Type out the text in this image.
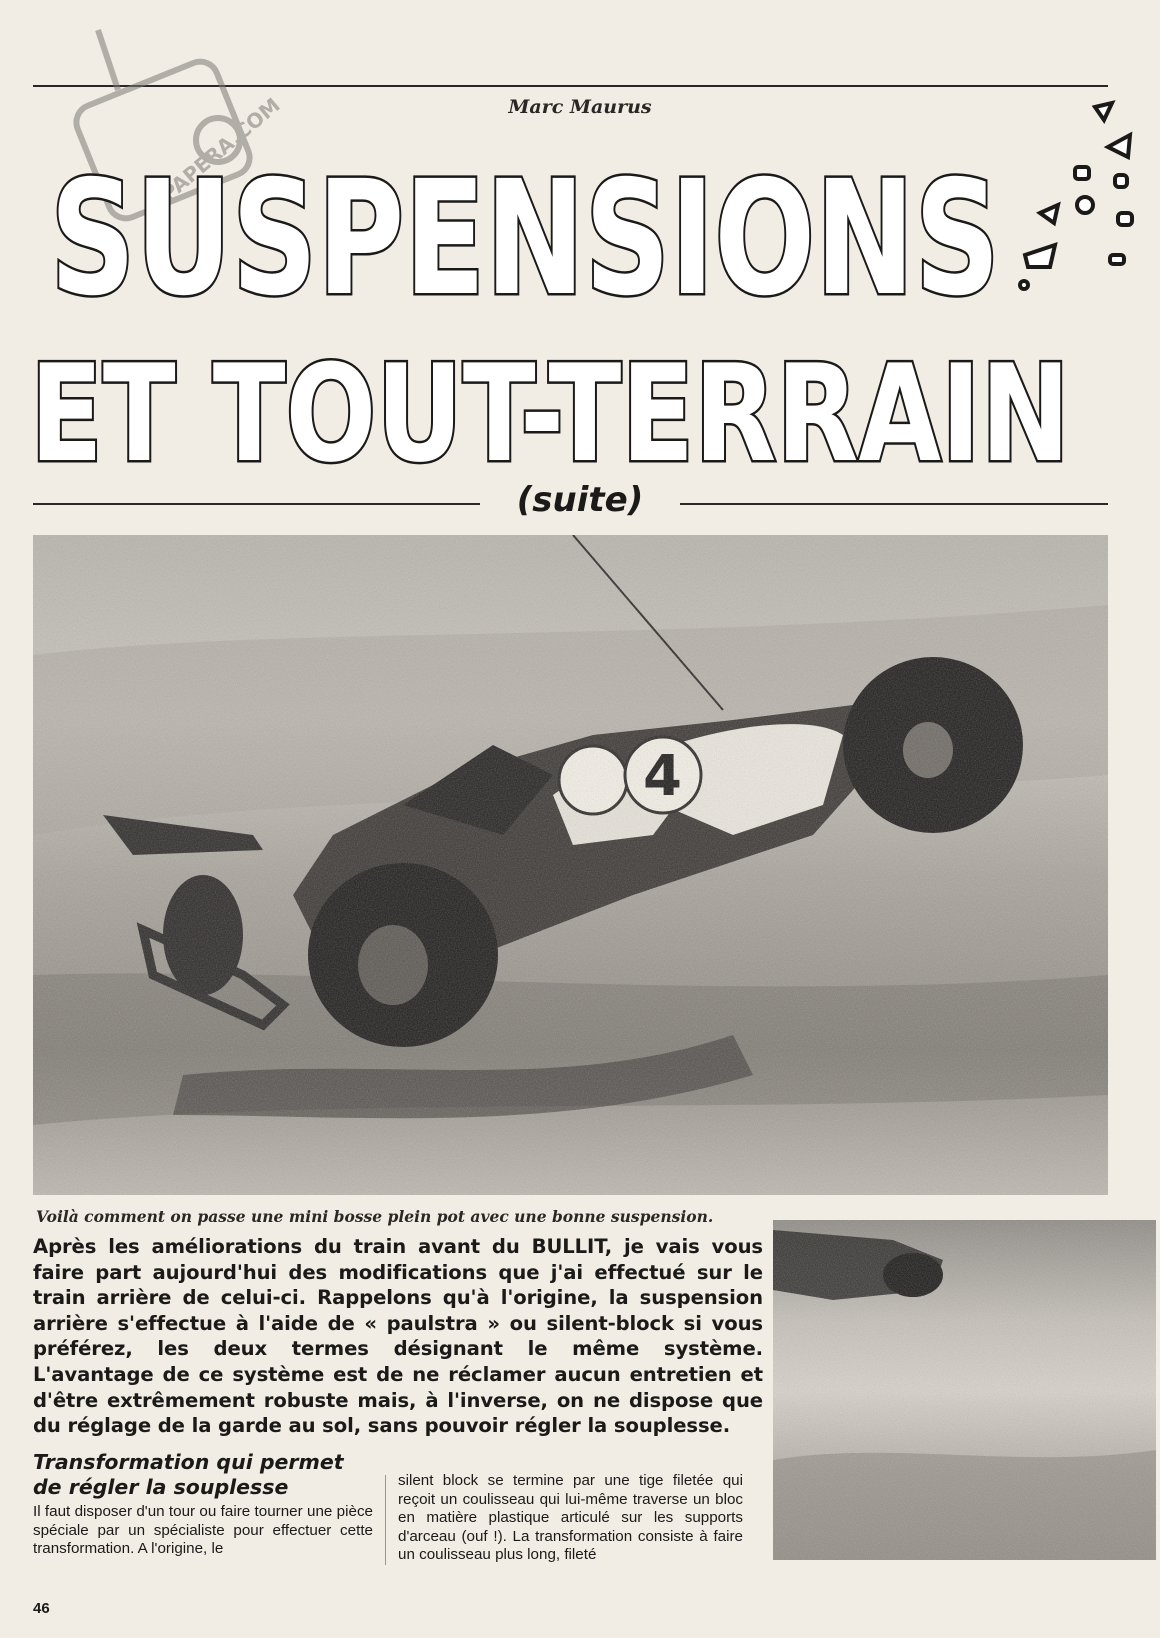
PAPERA.COM	Marc Maurus
SUSPENSIONS
ET TOUT-TERRAIN
(suite)
Voilà comment on passe une mini bosse plein pot avec une bonne suspension.
Après les améliorations du train avant du BULLIT, je vais vous faire part aujourd'hui des modifications que j'ai effectué sur le train arrière de celui-ci. Rappelons qu'à l'origine, la suspension arrière s'effectue à l'aide de « paulstra » ou silent-block si vous préférez, les deux termes désignant le même système. L'avantage de ce système est de ne réclamer aucun entretien et d'être extrêmement robuste mais, à l'inverse, on ne dispose que du réglage de la garde au sol, sans pouvoir régler la souplesse.
Transformation qui permet de régler la souplesse
Il faut disposer d'un tour ou faire tourner une pièce spéciale par un spécialiste pour effectuer cette transformation. A l'origine, le
silent block se termine par une tige filetée qui reçoit un coulisseau qui lui-même traverse un bloc en matière plastique articulé sur les supports d'arceau (ouf !). La transformation consiste à faire un coulisseau plus long, fileté
46
